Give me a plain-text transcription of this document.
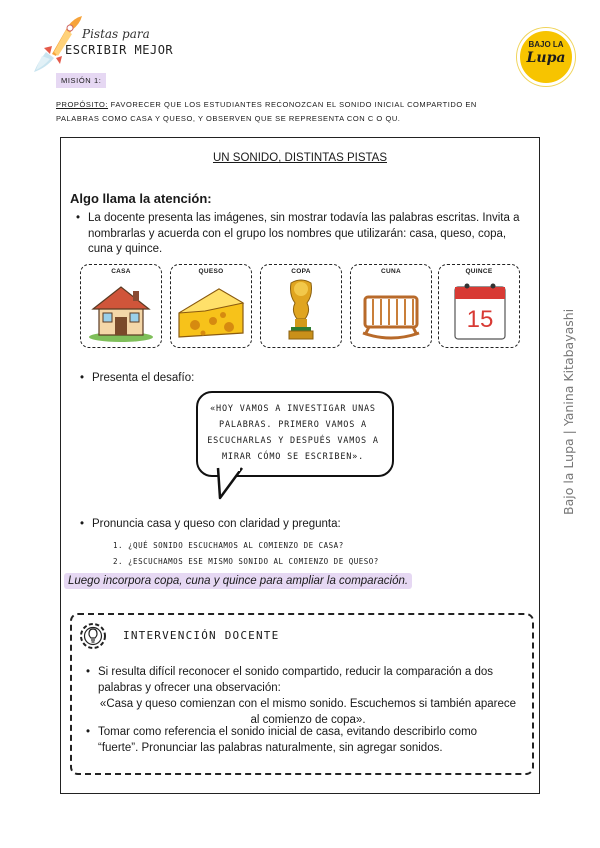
Pistas para
ESCRIBIR MEJOR	BAJO LA
Lupa
MISIÓN 1:
PROPÓSITO: FAVORECER QUE LOS ESTUDIANTES RECONOZCAN EL SONIDO INICIAL COMPARTIDO EN PALABRAS COMO CASA Y QUESO, Y OBSERVEN QUE SE REPRESENTA CON C O QU.
UN SONIDO, DISTINTAS PISTAS
Algo llama la atención:
• La docente presenta las imágenes, sin mostrar todavía las palabras escritas. Invita a nombrarlas y acuerda con el grupo los nombres que utilizarán: casa, queso, copa, cuna y quince.
CASA	QUESO	COPA	CUNA	QUINCE
15
• Presenta el desafío:
«HOY VAMOS A INVESTIGAR UNAS PALABRAS. PRIMERO VAMOS A ESCUCHARLAS Y DESPUÉS VAMOS A MIRAR CÓMO SE ESCRIBEN».
• Pronuncia casa y queso con claridad y pregunta:
1. ¿QUÉ SONIDO ESCUCHAMOS AL COMIENZO DE CASA?
2. ¿ESCUCHAMOS ESE MISMO SONIDO AL COMIENZO DE QUESO?
Luego incorpora copa, cuna y quince para ampliar la comparación.
INTERVENCIÓN DOCENTE
• Si resulta difícil reconocer el sonido compartido, reducir la comparación a dos palabras y ofrecer una observación:
«Casa y queso comienzan con el mismo sonido. Escuchemos si también aparece al comienzo de copa».
• Tomar como referencia el sonido inicial de casa, evitando describirlo como “fuerte”. Pronunciar las palabras naturalmente, sin agregar sonidos.
Bajo la Lupa | Yanina Kitabayashi
